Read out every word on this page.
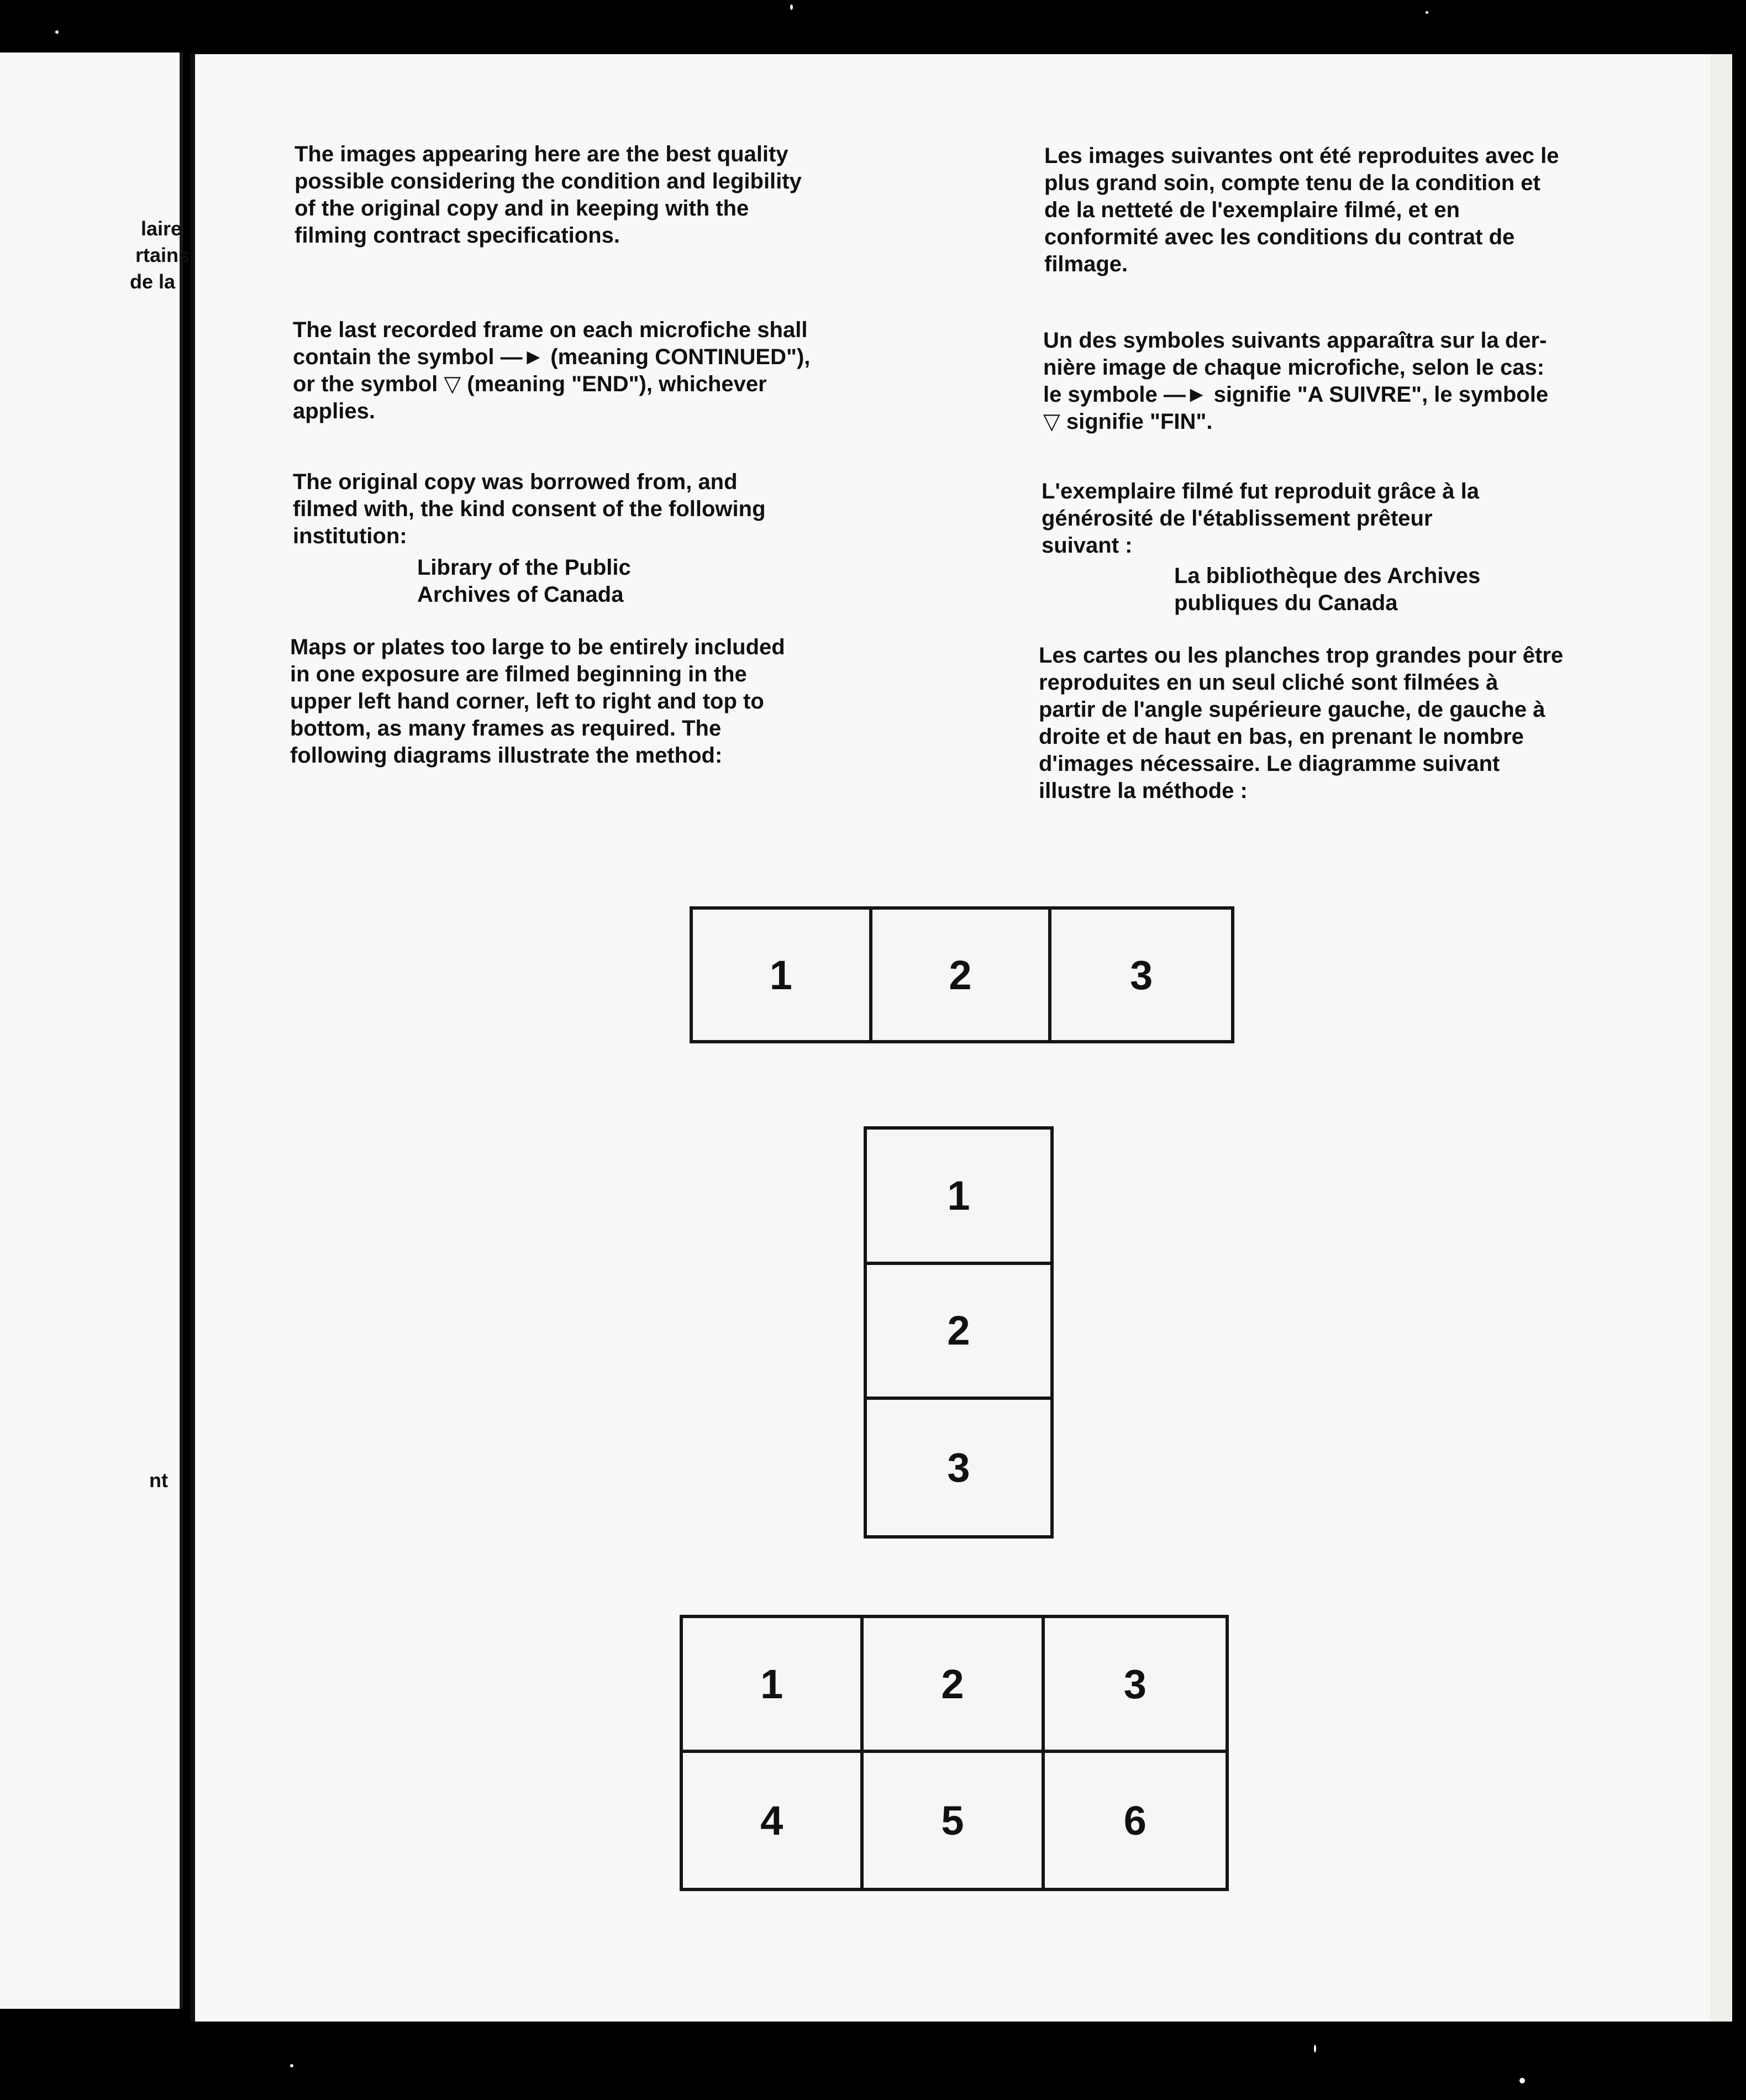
laire
rtains
de la
nt

The images appearing here are the best quality
possible considering the condition and legibility
of the original copy and in keeping with the
filming contract specifications.

The last recorded frame on each microfiche shall
contain the symbol —► (meaning CONTINUED"),
or the symbol ▽ (meaning "END"), whichever
applies.

The original copy was borrowed from, and
filmed with, the kind consent of the following
institution:

Library of the Public
Archives of Canada

Maps or plates too large to be entirely included
in one exposure are filmed beginning in the
upper left hand corner, left to right and top to
bottom, as many frames as required. The
following diagrams illustrate the method:

Les images suivantes ont été reproduites avec le
plus grand soin, compte tenu de la condition et
de la netteté de l'exemplaire filmé, et en
conformité avec les conditions du contrat de
filmage.

Un des symboles suivants apparaîtra sur la der-
nière image de chaque microfiche, selon le cas:
le symbole —► signifie "A SUIVRE", le symbole
▽ signifie "FIN".

L'exemplaire filmé fut reproduit grâce à la
générosité de l'établissement prêteur
suivant :

La bibliothèque des Archives
publiques du Canada

Les cartes ou les planches trop grandes pour être
reproduites en un seul cliché sont filmées à
partir de l'angle supérieure gauche, de gauche à
droite et de haut en bas, en prenant le nombre
d'images nécessaire. Le diagramme suivant
illustre la méthode :

1	2	3
1
2
3
1	2	3
4	5	6
